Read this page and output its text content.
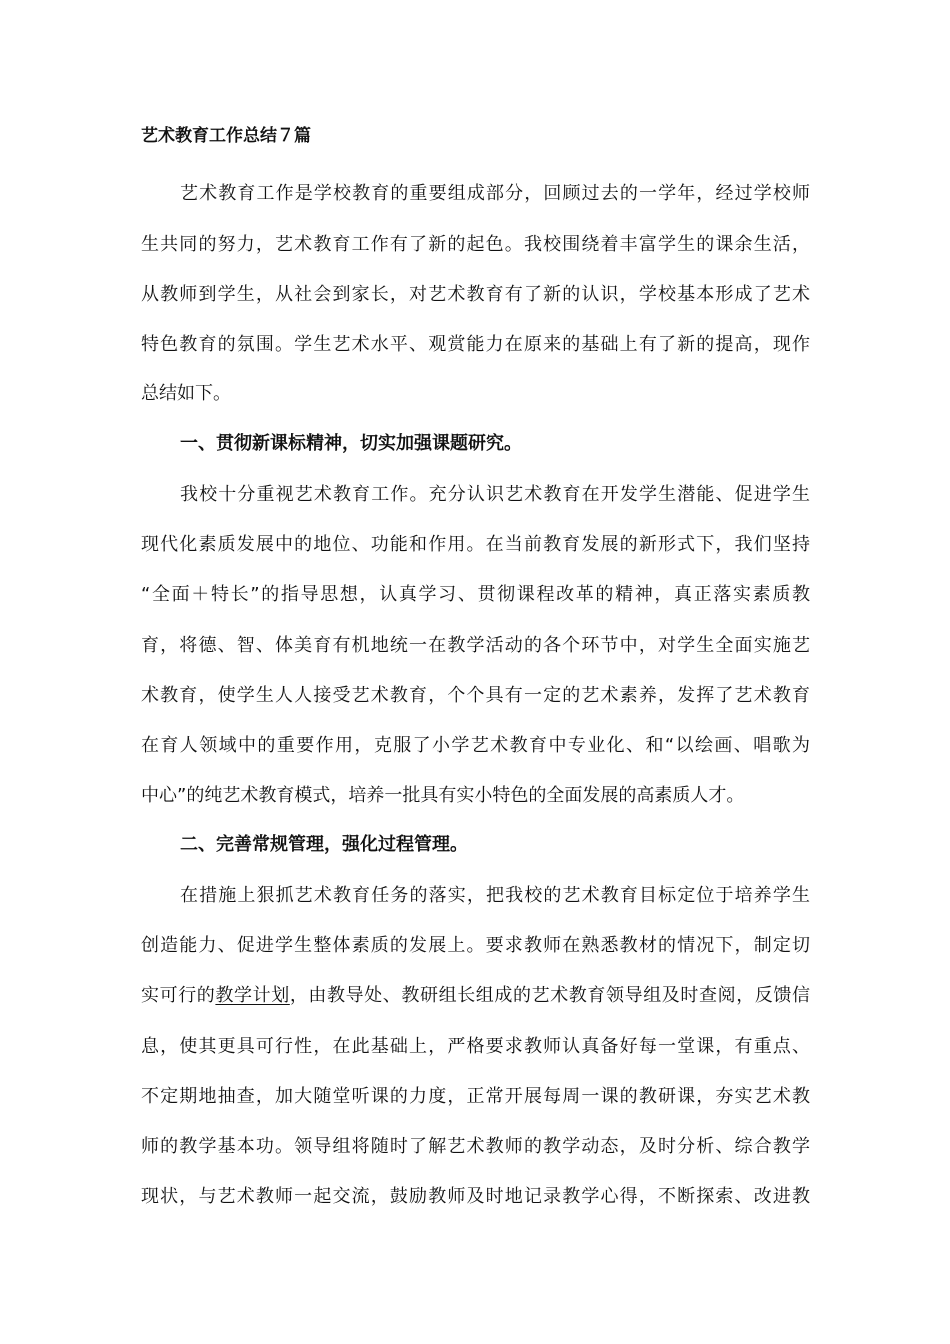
艺术教育工作总结７篇
艺术教育工作是学校教育的重要组成部分，回顾过去的一学年，经过学校师
生共同的努力，艺术教育工作有了新的起色。我校围绕着丰富学生的课余生活，
从教师到学生，从社会到家长，对艺术教育有了新的认识，学校基本形成了艺术
特色教育的氛围。学生艺术水平、观赏能力在原来的基础上有了新的提高，现作
总结如下。
一、贯彻新课标精神，切实加强课题研究。
我校十分重视艺术教育工作。充分认识艺术教育在开发学生潜能、促进学生
现代化素质发展中的地位、功能和作用。在当前教育发展的新形式下，我们坚持
“全面＋特长”的指导思想，认真学习、贯彻课程改革的精神，真正落实素质教
育，将德、智、体美育有机地统一在教学活动的各个环节中，对学生全面实施艺
术教育，使学生人人接受艺术教育，个个具有一定的艺术素养，发挥了艺术教育
在育人领域中的重要作用，克服了小学艺术教育中专业化、和“以绘画、唱歌为
中心”的纯艺术教育模式，培养一批具有实小特色的全面发展的高素质人才。
二、完善常规管理，强化过程管理。
在措施上狠抓艺术教育任务的落实，把我校的艺术教育目标定位于培养学生
创造能力、促进学生整体素质的发展上。要求教师在熟悉教材的情况下，制定切
实可行的教学计划，由教导处、教研组长组成的艺术教育领导组及时查阅，反馈信
息，使其更具可行性，在此基础上，严格要求教师认真备好每一堂课，有重点、
不定期地抽查，加大随堂听课的力度，正常开展每周一课的教研课，夯实艺术教
师的教学基本功。领导组将随时了解艺术教师的教学动态，及时分析、综合教学
现状，与艺术教师一起交流，鼓励教师及时地记录教学心得，不断探索、改进教
